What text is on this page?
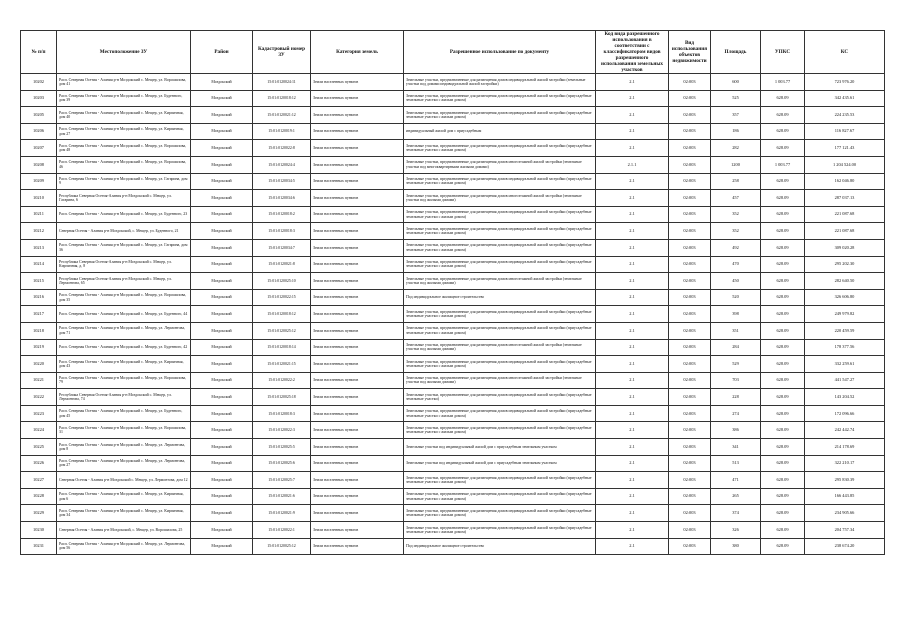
№ п/п	Местоположение ЗУ	Район	Кадастровый номер ЗУ	Категория земель	Разрешенное использование по документу	Код вида разрешенного использования в соответствии с классификатором видов разрешенного использования земельных участков	Вид использования объектов недвижимости	Площадь	УПКС	КС

10202	Расп. Северная Осетия - Алания р-н Моздокский с. Мещер, ул. Ворошилова, дом 41	Моздокский	15:01:0120024:11	Земли населенных пунктов	Земельные участки, предназначенные для размещения домов индивидуальной жилой застройки (земельные участки под домами индивидуальной жилой застройки)	2.1	02:003	600	1 003.77	723 976.20

10203	Расп. Северная Осетия - Алания р-н Моздокский с. Мещер, ул. Буденного, дом 39	Моздокский	15:01:0120018:12	Земли населенных пунктов	Земельные участки, предназначенные для размещения домов индивидуальной жилой застройки (приусадебные земельные участки с жилым домом)	2.1	02:003	525	628.09	342 435.61

10205	Расп. Северная Осетия - Алания р-н Моздокский с. Мещер, ул. Кирпичная, дом 40	Моздокский	15:01:0120021:12	Земли населенных пунктов	Земельные участки, предназначенные для размещения домов индивидуальной жилой застройки (приусадебные земельные участки с жилым домом)	2.1	02:003	357	628.09	224 235.53

10206	Расп. Северная Осетия - Алания р-н Моздокский с. Мещер, ул. Кирпичная, дом 27	Моздокский	15:01:0120019:1	Земли населенных пунктов	индивидуальный жилой дом с приусадебным	2.1	02:003	186	628.09	116 827.67

10207	Расп. Северная Осетия - Алания р-н Моздокский с. Мещер, ул. Ворошилова, дом 48	Моздокский	15:01:0120022:8	Земли населенных пунктов	Земельные участки, предназначенные для размещения домов индивидуальной жилой застройки (приусадебные земельные участки с жилым домом)	2.1	02:003	282	628.09	177 121.43

10208	Расп. Северная Осетия - Алания р-н Моздокский с. Мещер, ул. Ворошилова, 46	Моздокский	15:01:0120024:4	Земли населенных пунктов	Земельные участки, предназначенные для размещения домов многоэтажной жилой застройки (земельные участки под многоквартирными жилыми домами)	2.1.1	02:003	1200	1 003.77	1 204 524.00

10209	Расп. Северная Осетия - Алания р-н Моздокский с. Мещер, ул. Гагарина, дом 9	Моздокский	15:01:0120034:5	Земли населенных пунктов	Земельные участки, предназначенные для размещения домов индивидуальной жилой застройки (приусадебные земельные участки с жилым домом)	2.1	02:003	258	628.09	162 046.80

10210	Республика Северная Осетия-Алания р-н Моздокский с. Мещер, ул. Гагарина, 6	Моздокский	15:01:0120034:6	Земли населенных пунктов	Земельные участки, предназначенные для размещения домов многоэтажной жилой застройки (земельные участки под жилыми домами)	2.1	02:003	457	628.09	287 037.13

10211	Расп. Северная Осетия - Алания р-н Моздокский с. Мещер, ул. Буденного, 23	Моздокский	15:01:0120018:2	Земли населенных пунктов	Земельные участки, предназначенные для размещения домов индивидуальной жилой застройки (приусадебные земельные участки с жилым домом)	2.1	02:003	352	628.09	221 087.68

10212	Северная Осетия - Алания р-н Моздокский, с. Мещер, ул. Буденного, 21	Моздокский	15:01:0120018:3	Земли населенных пунктов	Земельные участки, предназначенные для размещения домов индивидуальной жилой застройки (приусадебные земельные участки с жилым домом)	2.1	02:003	352	628.09	221 087.68

10213	Расп. Северная Осетия - Алания р-н Моздокский с. Мещер, ул. Гагарина, дом 36	Моздокский	15:01:0120034:7	Земли населенных пунктов	Земельные участки, предназначенные для размещения домов индивидуальной жилой застройки (приусадебные земельные участки с жилым домом)	2.1	02:003	492	628.09	309 020.28

10214	Республика Северная Осетия-Алания р-н Моздокский с. Мещер, ул. Кирпичная, д. 8	Моздокский	15:01:0120021:8	Земли населенных пунктов	Земельные участки, предназначенные для размещения домов индивидуальной жилой застройки (приусадебные земельные участки с жилым домом)	2.1	02:003	470	628.09	295 202.30

10215	Республика Северная Осетия-Алания р-н Моздокский с. Мещер, ул. Лермонтова, 65	Моздокский	15:01:0120025:10	Земли населенных пунктов	Земельные участки, предназначенные для размещения домов многоэтажной жилой застройки (земельные участки под жилыми домами)	2.1	02:003	450	628.09	282 640.50

10216	Расп. Северная Осетия - Алания р-н Моздокский с. Мещер, ул. Ворошилова, дом 35	Моздокский	15:01:0120022:15	Земли населенных пунктов	Под индивидуальное жилищное строительство	2.1	02:003	520	628.09	326 606.80

10217	Расп. Северная Осетия - Алания р-н Моздокский с. Мещер, ул. Буденного, 44	Моздокский	15:01:0120018:12	Земли населенных пунктов	Земельные участки, предназначенные для размещения домов индивидуальной жилой застройки (приусадебные земельные участки с жилым домом)	2.1	02:003	398	628.09	249 979.82

10218	Расп. Северная Осетия - Алания р-н Моздокский с. Мещер, ул. Лермонтова, дом 71	Моздокский	15:01:0120025:12	Земли населенных пунктов	Земельные участки, предназначенные для размещения домов индивидуальной жилой застройки (приусадебные земельные участки с жилым домом)	2.1	02:003	351	628.09	220 459.59

10219	Расп. Северная Осетия - Алания р-н Моздокский с. Мещер, ул. Буденного, 42	Моздокский	15:01:0120018:14	Земли населенных пунктов	Земельные участки, предназначенные для размещения домов многоэтажной жилой застройки (земельные участки под жилыми домами)	2.1	02:003	284	628.09	178 377.56

10220	Расп. Северная Осетия - Алания р-н Моздокский с. Мещер, ул. Кирпичная, дом 43	Моздокский	15:01:0120021:15	Земли населенных пунктов	Земельные участки, предназначенные для размещения домов индивидуальной жилой застройки (приусадебные земельные участки с жилым домом)	2.1	02:003	529	628.09	332 259.61

10221	Расп. Северная Осетия - Алания р-н Моздокский с. Мещер, ул. Ворошилова, 79	Моздокский	15:01:0120022:2	Земли населенных пунктов	Земельные участки, предназначенные для размещения домов многоэтажной жилой застройки (земельные участки под жилыми домами)	2.1	02:003	703	628.09	441 547.27

10222	Республика Северная Осетия-Алания р-н Моздокский с. Мещер, ул. Лермонтова, 74	Моздокский	15:01:0120025:18	Земли населенных пунктов	Земельные участки, предназначенные для размещения домов индивидуальной жилой застройки (приусадебные земельные участки)	2.1	02:003	228	628.09	143 204.52

10223	Расп. Северная Осетия - Алания р-н Моздокский с. Мещер, ул. Буденного, дом 45	Моздокский	15:01:0120018:3	Земли населенных пунктов	Земельные участки, предназначенные для размещения домов индивидуальной жилой застройки (приусадебные земельные участки с жилым домом)	2.1	02:003	274	628.09	172 096.66

10224	Расп. Северная Осетия - Алания р-н Моздокский с. Мещер, ул. Ворошилова, 31	Моздокский	15:01:0120022:3	Земли населенных пунктов	Земельные участки, предназначенные для размещения домов индивидуальной жилой застройки (приусадебные земельные участки с жилым домом)	2.1	02:003	386	628.09	242 442.74

10225	Расп. Северная Осетия - Алания р-н Моздокский с. Мещер, ул. Лермонтова, дом 8	Моздокский	15:01:0120025:5	Земли населенных пунктов	Земельные участки под индивидуальный жилой дом с приусадебным земельным участком	2.1	02:003	341	628.09	214 178.69

10226	Расп. Северная Осетия - Алания р-н Моздокский с. Мещер, ул. Лермонтова, дом 27	Моздокский	15:01:0120025:6	Земли населенных пунктов	Земельные участки под индивидуальный жилой дом с приусадебным земельным участком	2.1	02:003	513	628.09	322 210.17

10227	Северная Осетия - Алания р-н Моздокский с. Мещер, ул. Лермонтова, дом 12	Моздокский	15:01:0120025:7	Земли населенных пунктов	Земельные участки, предназначенные для размещения домов индивидуальной жилой застройки (приусадебные земельные участки с жилым домом)	2.1	02:003	471	628.09	295 830.39

10228	Расп. Северная Осетия - Алания р-н Моздокский с. Мещер, ул. Кирпичная, дом 6	Моздокский	15:01:0120021:6	Земли населенных пунктов	Земельные участки, предназначенные для размещения домов индивидуальной жилой застройки (приусадебные земельные участки с жилым домом)	2.1	02:003	265	628.09	166 443.85

10229	Расп. Северная Осетия - Алания р-н Моздокский с. Мещер, ул. Кирпичная, дом 34	Моздокский	15:01:0120021:9	Земли населенных пунктов	Земельные участки, предназначенные для размещения домов индивидуальной жилой застройки (приусадебные земельные участки с жилым домом)	2.1	02:003	374	628.09	234 905.66

10230	Северная Осетия - Алания р-н Моздокский, с. Мещер, ул. Ворошилова, 25	Моздокский	15:01:0120022:1	Земли населенных пунктов	Земельные участки, предназначенные для размещения домов индивидуальной жилой застройки (приусадебные земельные участки с жилым домом)	2.1	02:003	326	628.09	204 757.34

10231	Расп. Северная Осетия - Алания р-н Моздокский с. Мещер, ул. Лермонтова, дом 56	Моздокский	15:01:0120025:12	Земли населенных пунктов	Под индивидуальное жилищное строительство	2.1	02:003	380	628.09	238 674.20
